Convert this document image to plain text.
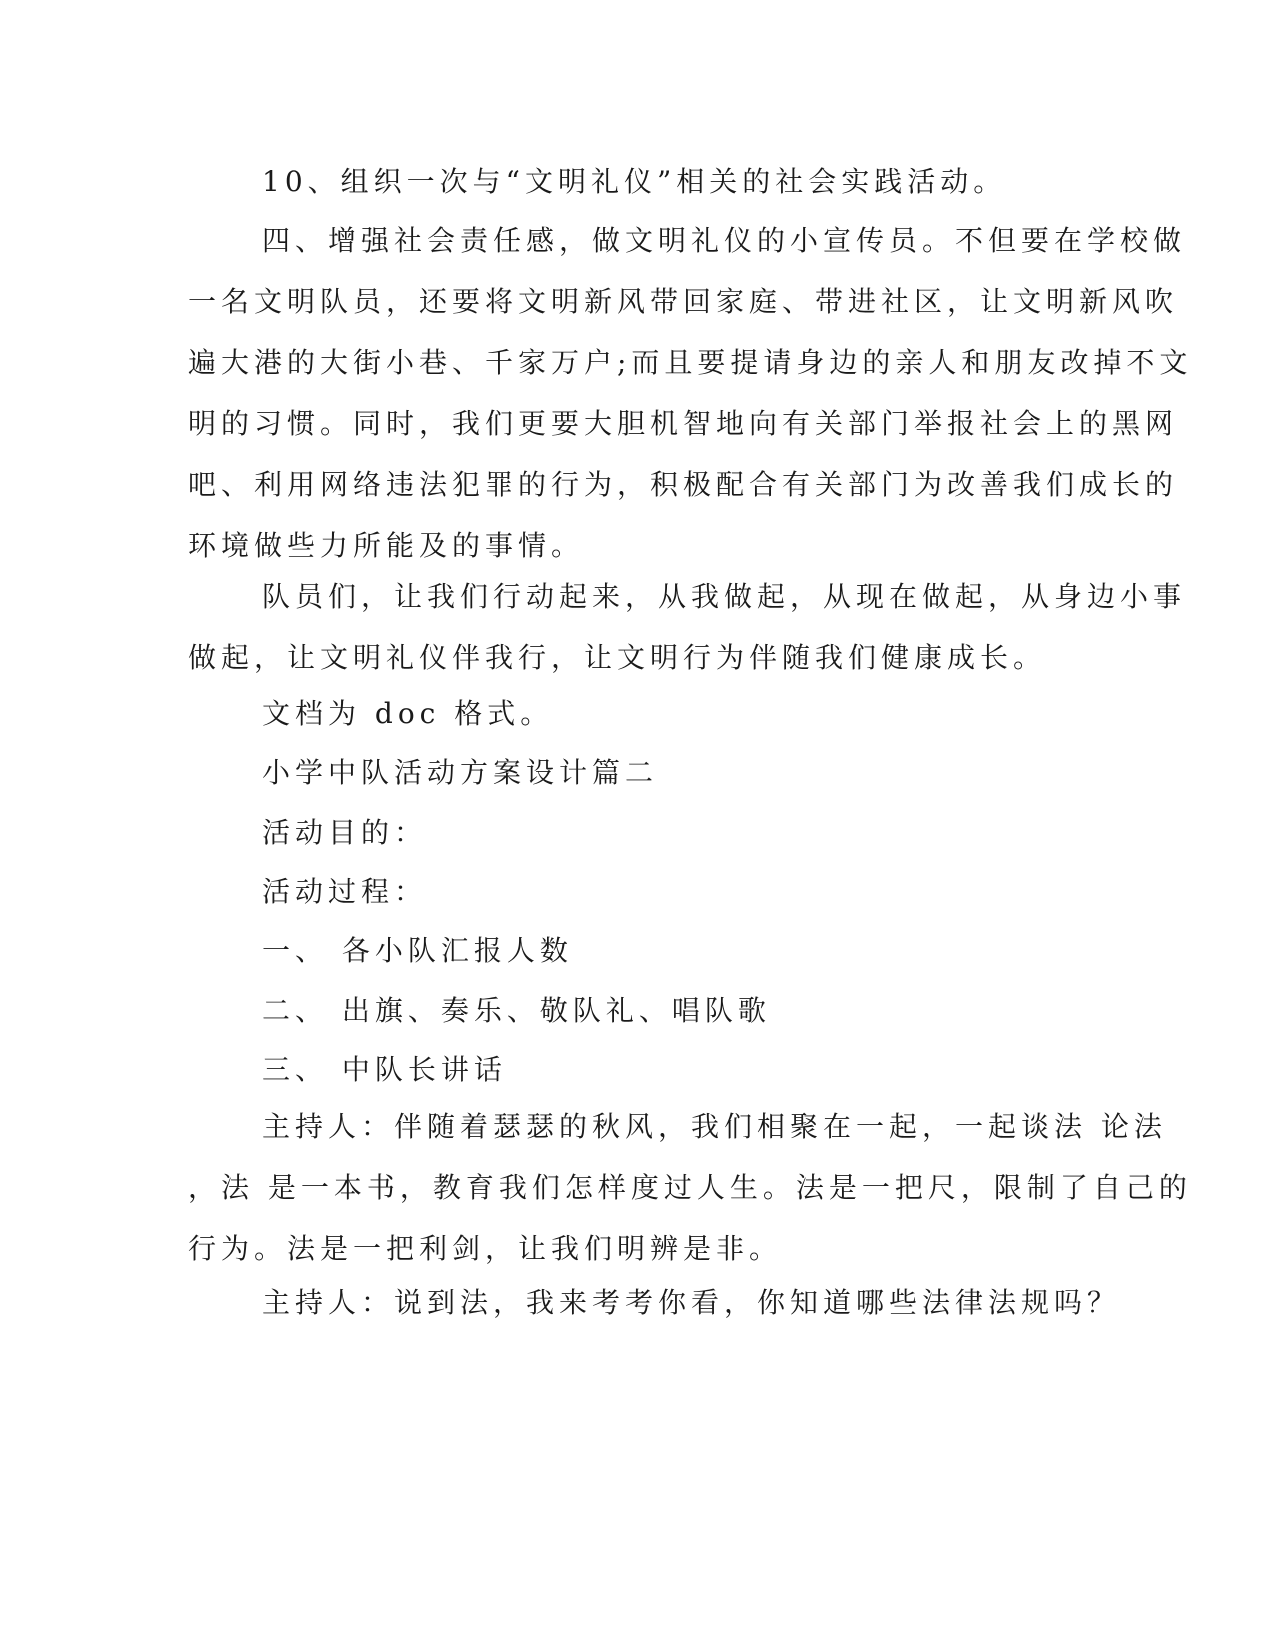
10、组织一次与“文明礼仪”相关的社会实践活动。

四、增强社会责任感，做文明礼仪的小宣传员。不但要在学校做
一名文明队员，还要将文明新风带回家庭、带进社区，让文明新风吹
遍大港的大街小巷、千家万户;而且要提请身边的亲人和朋友改掉不文
明的习惯。同时，我们更要大胆机智地向有关部门举报社会上的黑网
吧、利用网络违法犯罪的行为，积极配合有关部门为改善我们成长的
环境做些力所能及的事情。

队员们，让我们行动起来，从我做起，从现在做起，从身边小事
做起，让文明礼仪伴我行，让文明行为伴随我们健康成长。

文档为 doc 格式。

小学中队活动方案设计篇二

活动目的：

活动过程：

一、 各小队汇报人数

二、 出旗、奏乐、敬队礼、唱队歌

三、 中队长讲话

主持人：伴随着瑟瑟的秋风，我们相聚在一起，一起谈法 论法
，法 是一本书，教育我们怎样度过人生。法是一把尺，限制了自己的
行为。法是一把利剑，让我们明辨是非。

主持人：说到法，我来考考你看，你知道哪些法律法规吗？
